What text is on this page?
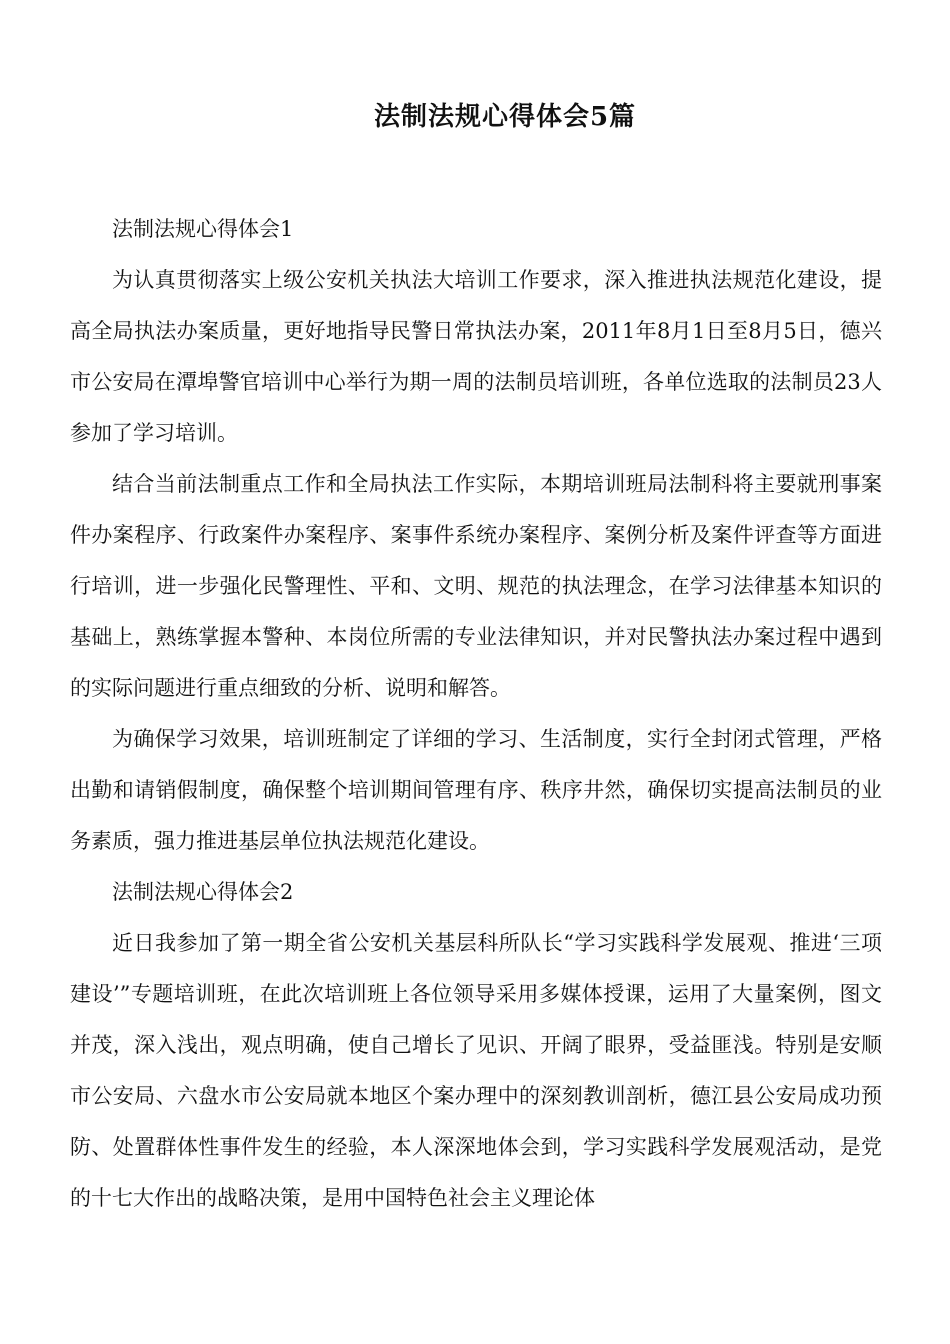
法制法规心得体会5篇

法制法规心得体会1

为认真贯彻落实上级公安机关执法大培训工作要求，深入推进执法规范化建设，提高全局执法办案质量，更好地指导民警日常执法办案，2011年8月1日至8月5日，德兴市公安局在潭埠警官培训中心举行为期一周的法制员培训班，各单位选取的法制员23人参加了学习培训。

结合当前法制重点工作和全局执法工作实际，本期培训班局法制科将主要就刑事案件办案程序、行政案件办案程序、案事件系统办案程序、案例分析及案件评查等方面进行培训，进一步强化民警理性、平和、文明、规范的执法理念，在学习法律基本知识的基础上，熟练掌握本警种、本岗位所需的专业法律知识，并对民警执法办案过程中遇到的实际问题进行重点细致的分析、说明和解答。

为确保学习效果，培训班制定了详细的学习、生活制度，实行全封闭式管理，严格出勤和请销假制度，确保整个培训期间管理有序、秩序井然，确保切实提高法制员的业务素质，强力推进基层单位执法规范化建设。

法制法规心得体会2

近日我参加了第一期全省公安机关基层科所队长“学习实践科学发展观、推进‘三项建设’”专题培训班，在此次培训班上各位领导采用多媒体授课，运用了大量案例，图文并茂，深入浅出，观点明确，使自己增长了见识、开阔了眼界，受益匪浅。特别是安顺市公安局、六盘水市公安局就本地区个案办理中的深刻教训剖析，德江县公安局成功预防、处置群体性事件发生的经验，本人深深地体会到，学习实践科学发展观活动，是党的十七大作出的战略决策，是用中国特色社会主义理论体
